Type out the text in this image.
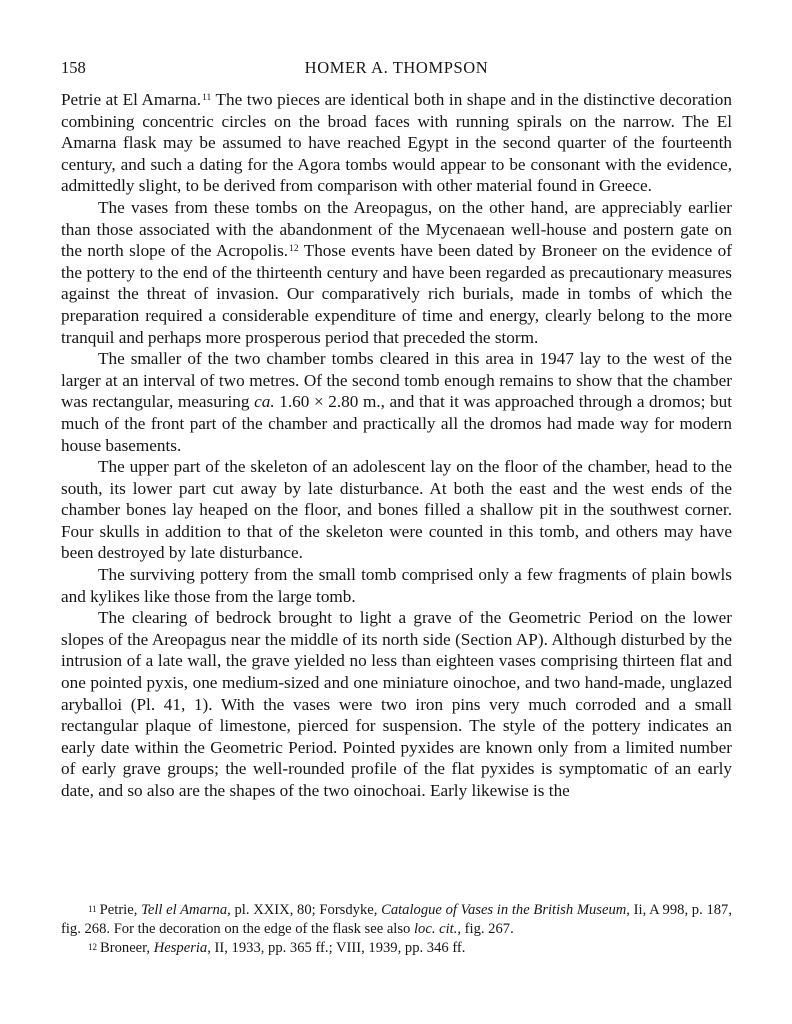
158	HOMER A. THOMPSON

Petrie at El Amarna.$^{11}$ The two pieces are identical both in shape and in the distinctive decoration combining concentric circles on the broad faces with running spirals on the narrow. The El Amarna flask may be assumed to have reached Egypt in the second quarter of the fourteenth century, and such a dating for the Agora tombs would appear to be consonant with the evidence, admittedly slight, to be derived from comparison with other material found in Greece.

The vases from these tombs on the Areopagus, on the other hand, are appreciably earlier than those associated with the abandonment of the Mycenaean well-house and postern gate on the north slope of the Acropolis.$^{12}$ Those events have been dated by Broneer on the evidence of the pottery to the end of the thirteenth century and have been regarded as precautionary measures against the threat of invasion. Our comparatively rich burials, made in tombs of which the preparation required a considerable expenditure of time and energy, clearly belong to the more tranquil and perhaps more prosperous period that preceded the storm.

The smaller of the two chamber tombs cleared in this area in 1947 lay to the west of the larger at an interval of two metres. Of the second tomb enough remains to show that the chamber was rectangular, measuring ca. 1.60 × 2.80 m., and that it was approached through a dromos; but much of the front part of the chamber and practically all the dromos had made way for modern house basements.

The upper part of the skeleton of an adolescent lay on the floor of the chamber, head to the south, its lower part cut away by late disturbance. At both the east and the west ends of the chamber bones lay heaped on the floor, and bones filled a shallow pit in the southwest corner. Four skulls in addition to that of the skeleton were counted in this tomb, and others may have been destroyed by late disturbance.

The surviving pottery from the small tomb comprised only a few fragments of plain bowls and kylikes like those from the large tomb.

The clearing of bedrock brought to light a grave of the Geometric Period on the lower slopes of the Areopagus near the middle of its north side (Section AP). Although disturbed by the intrusion of a late wall, the grave yielded no less than eighteen vases comprising thirteen flat and one pointed pyxis, one medium-sized and one miniature oinochoe, and two hand-made, unglazed aryballoi (Pl. 41, 1). With the vases were two iron pins very much corroded and a small rectangular plaque of limestone, pierced for suspension. The style of the pottery indicates an early date within the Geometric Period. Pointed pyxides are known only from a limited number of early grave groups; the well-rounded profile of the flat pyxides is symptomatic of an early date, and so also are the shapes of the two oinochoai. Early likewise is the

$^{11}$ Petrie, Tell el Amarna, pl. XXIX, 80; Forsdyke, Catalogue of Vases in the British Museum, Ii, A 998, p. 187, fig. 268. For the decoration on the edge of the flask see also loc. cit., fig. 267.

$^{12}$ Broneer, Hesperia, II, 1933, pp. 365 ff.; VIII, 1939, pp. 346 ff.
